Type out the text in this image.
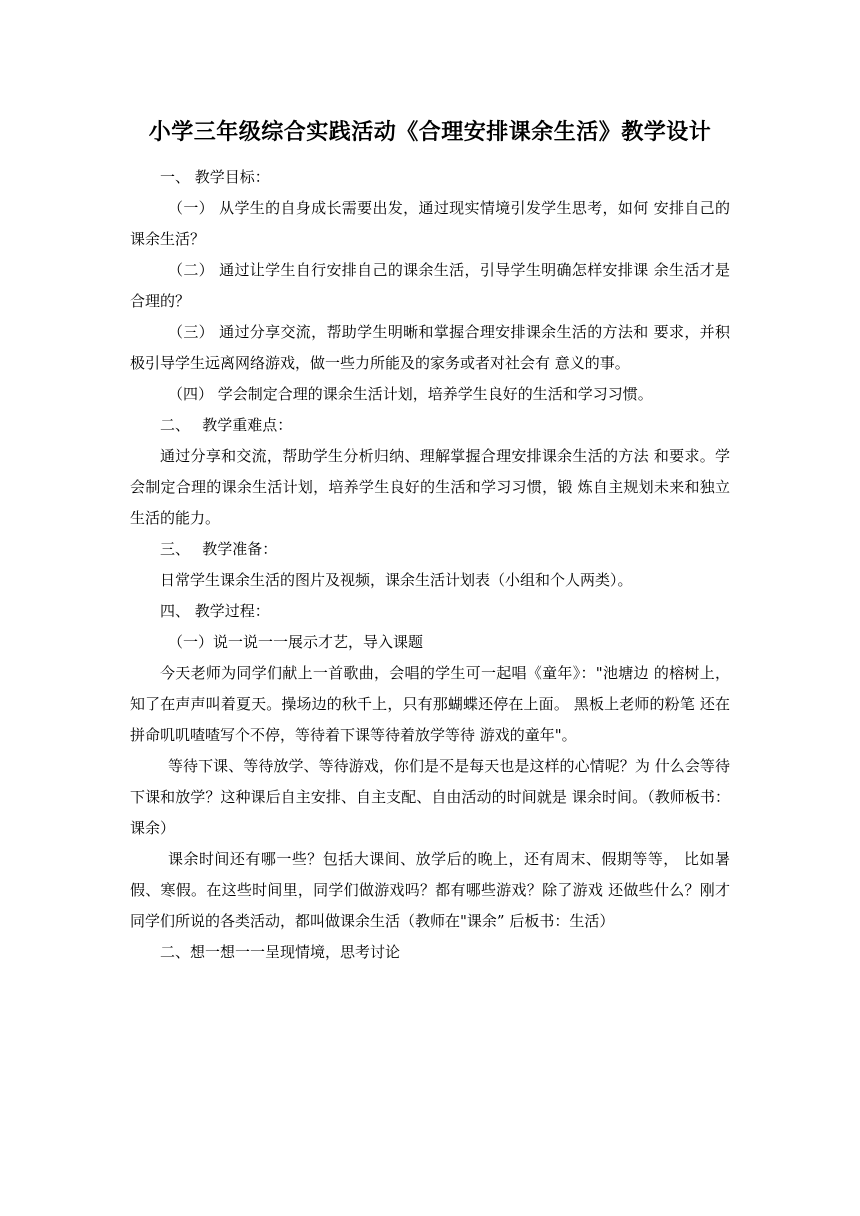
小学三年级综合实践活动《合理安排课余生活》教学设计

一、 教学目标：

（一） 从学生的自身成长需要出发，通过现实情境引发学生思考，如何 安排自己的课余生活？

（二） 通过让学生自行安排自己的课余生活，引导学生明确怎样安排课 余生活才是合理的？

（三） 通过分享交流，帮助学生明晰和掌握合理安排课余生活的方法和 要求，并积极引导学生远离网络游戏，做一些力所能及的家务或者对社会有 意义的事。

（四） 学会制定合理的课余生活计划，培养学生良好的生活和学习习惯。

二、　 教学重难点：

通过分享和交流，帮助学生分析归纳、理解掌握合理安排课余生活的方法 和要求。学会制定合理的课余生活计划，培养学生良好的生活和学习习惯，锻 炼自主规划未来和独立生活的能力。

三、　 教学准备：

日常学生课余生活的图片及视频，课余生活计划表（小组和个人两类）。

四、 教学过程：

（一）说一说一一展示才艺，导入课题

今天老师为同学们献上一首歌曲，会唱的学生可一起唱《童年》："池塘边 的榕树上，知了在声声叫着夏天。操场边的秋千上，只有那蝴蝶还停在上面。 黑板上老师的粉笔 还在拼命叽叽喳喳写个不停，等待着下课等待着放学等待 游戏的童年"。

等待下课、等待放学、等待游戏，你们是不是每天也是这样的心情呢？为 什么会等待下课和放学？这种课后自主安排、自主支配、自由活动的时间就是 课余时间。（教师板书：课余）

课余时间还有哪一些？包括大课间、放学后的晚上，还有周末、假期等等， 比如暑假、寒假。在这些时间里，同学们做游戏吗？都有哪些游戏？除了游戏 还做些什么？刚才同学们所说的各类活动，都叫做课余生活（教师在"课余” 后板书：生活）

二、想一想一一呈现情境，思考讨论
